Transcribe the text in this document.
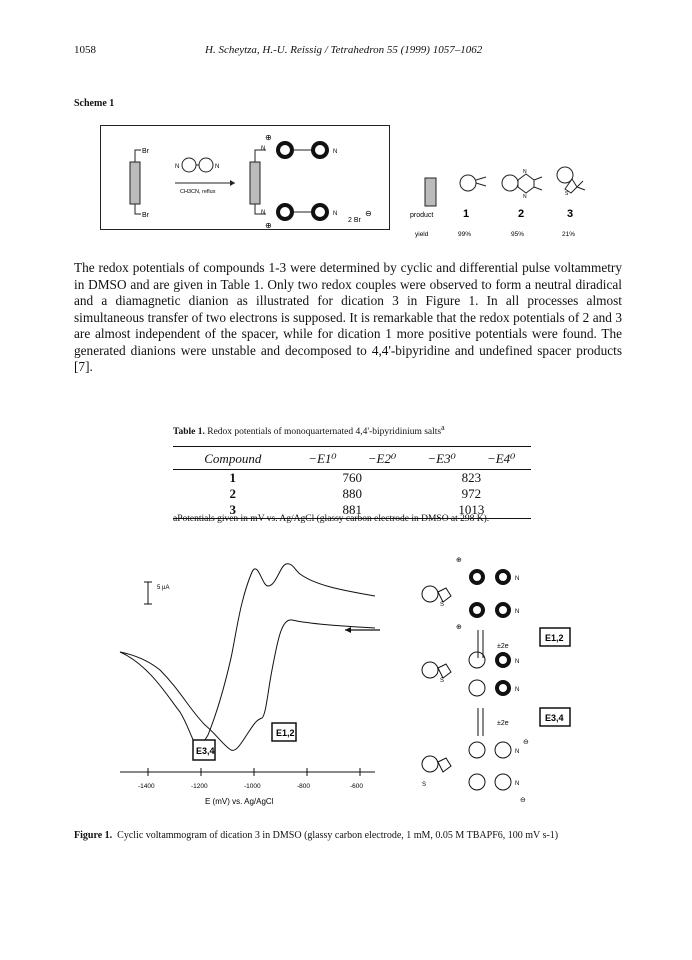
1058	H. Scheytza, H.-U. Reissig / Tetrahedron 55 (1999) 1057–1062
Scheme 1
Br
Br
N	N
CH3CN, reflux
N
N
N
N
⊕
⊕
2 Br
⊖
N
N	S
product	1	2	3
yield	99%	95%	21%
The redox potentials of compounds 1-3 were determined by cyclic and differential pulse voltammetry in DMSO and are given in Table 1. Only two redox couples were observed to form a neutral diradical and a diamagnetic dianion as illustrated for dication 3 in Figure 1. In all processes almost simultaneous transfer of two electrons is supposed. It is remarkable that the redox potentials of 2 and 3 are almost independent of the spacer, while for dication 1 more positive potentials were found. The generated dianions were unstable and decomposed to 4,4'-bipyridine and undefined spacer products [7].
Table 1. Redox potentials of monoquarternated 4,4'-bipyridinium salts$^a$
Compound	−E1⁰	−E2⁰	−E3⁰	−E4⁰
1	760		823	
2	880		972	
3	881		1013	
aPotentials given in mV vs. Ag/AgCl (glassy carbon electrode in DMSO at 298 K).
5 µA
E1,2
E3,4
-1400	-1200	-1000	-800	-600
E (mV) vs. Ag/AgCl
S
N
N
⊕
⊕
±2e
E1,2
S
N
N
±2e
E3,4
S
N
N
⊖
⊖
Figure 1. Cyclic voltammogram of dication 3 in DMSO (glassy carbon electrode, 1 mM, 0.05 M TBAPF6, 100 mV s-1)
